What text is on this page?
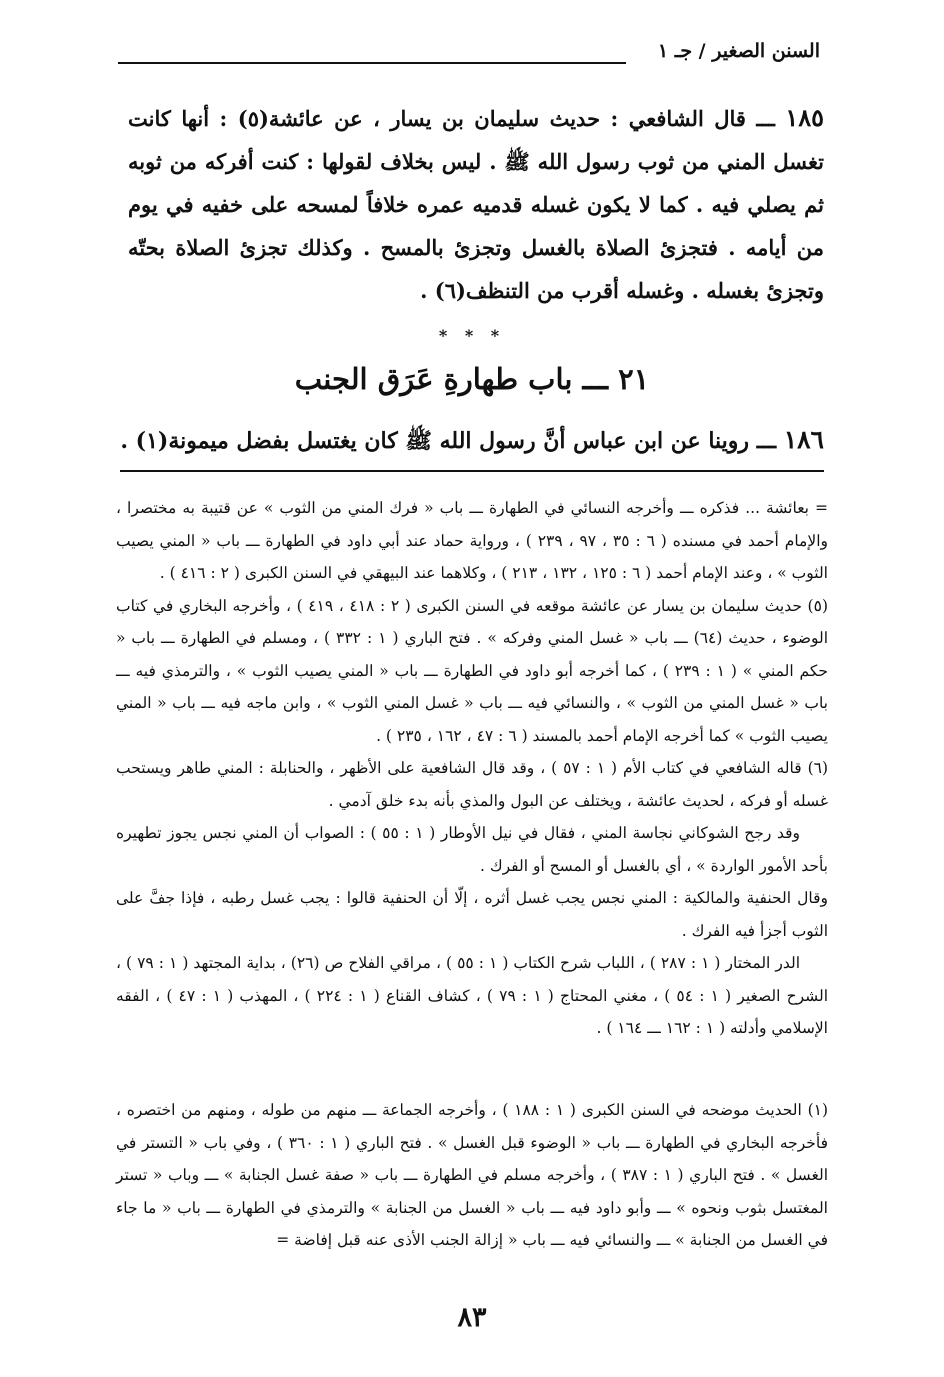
السنن الصغير / جـ ١
١٨٥ ـــ قال الشافعي : حديث سليمان بن يسار ، عن عائشة(٥) : أنها كانت تغسل المني من ثوب رسول الله ﷺ . ليس بخلاف لقولها : كنت أفركه من ثوبه ثم يصلي فيه . كما لا يكون غسله قدميه عمره خلافاً لمسحه على خفيه في يوم من أيامه . فتجزئ الصلاة بالغسل وتجزئ بالمسح . وكذلك تجزئ الصلاة بحتّه وتجزئ بغسله . وغسله أقرب من التنظف(٦) .
* * *
٢١ ـــ باب طهارةِ عَرَق الجنب
١٨٦ ـــ روينا عن ابن عباس أنَّ رسول الله ﷺ كان يغتسل بفضل ميمونة(١) .

= بعائشة ... فذكره ـــ وأخرجه النسائي في الطهارة ـــ باب « فرك المني من الثوب » عن قتيبة به مختصرا ، والإمام أحمد في مسنده ( ٦ : ٣٥ ، ٩٧ ، ٢٣٩ ) ، ورواية حماد عند أبي داود في الطهارة ـــ باب « المني يصيب الثوب » ، وعند الإمام أحمد ( ٦ : ١٢٥ ، ١٣٢ ، ٢١٣ ) ، وكلاهما عند البيهقي في السنن الكبرى ( ٢ : ٤١٦ ) .

(٥) حديث سليمان بن يسار عن عائشة موقعه في السنن الكبرى ( ٢ : ٤١٨ ، ٤١٩ ) ، وأخرجه البخاري في كتاب الوضوء ، حديث (٦٤) ـــ باب « غسل المني وفركه » . فتح الباري ( ١ : ٣٣٢ ) ، ومسلم في الطهارة ـــ باب « حكم المني » ( ١ : ٢٣٩ ) ، كما أخرجه أبو داود في الطهارة ـــ باب « المني يصيب الثوب » ، والترمذي فيه ـــ باب « غسل المني من الثوب » ، والنسائي فيه ـــ باب « غسل المني الثوب » ، وابن ماجه فيه ـــ باب « المني يصيب الثوب » كما أخرجه الإمام أحمد بالمسند ( ٦ : ٤٧ ، ١٦٢ ، ٢٣٥ ) .

(٦) قاله الشافعي في كتاب الأم ( ١ : ٥٧ ) ، وقد قال الشافعية على الأظهر ، والحنابلة : المني طاهر ويستحب غسله أو فركه ، لحديث عائشة ، ويختلف عن البول والمذي بأنه بدء خلق آدمي .

وقد رجح الشوكاني نجاسة المني ، فقال في نيل الأوطار ( ١ : ٥٥ ) : الصواب أن المني نجس يجوز تطهيره بأحد الأمور الواردة » ، أي بالغسل أو المسح أو الفرك .

وقال الحنفية والمالكية : المني نجس يجب غسل أثره ، إلّا أن الحنفية قالوا : يجب غسل رطبه ، فإذا جفَّ على الثوب أجزأ فيه الفرك .

الدر المختار ( ١ : ٢٨٧ ) ، اللباب شرح الكتاب ( ١ : ٥٥ ) ، مراقي الفلاح ص (٢٦) ، بداية المجتهد ( ١ : ٧٩ ) ، الشرح الصغير ( ١ : ٥٤ ) ، مغني المحتاج ( ١ : ٧٩ ) ، كشاف القناع ( ١ : ٢٢٤ ) ، المهذب ( ١ : ٤٧ ) ، الفقه الإسلامي وأدلته ( ١ : ١٦٢ ـــ ١٦٤ ) .

(١) الحديث موضحه في السنن الكبرى ( ١ : ١٨٨ ) ، وأخرجه الجماعة ـــ منهم من طوله ، ومنهم من اختصره ، فأخرجه البخاري في الطهارة ـــ باب « الوضوء قبل الغسل » . فتح الباري ( ١ : ٣٦٠ ) ، وفي باب « التستر في الغسل » . فتح الباري ( ١ : ٣٨٧ ) ، وأخرجه مسلم في الطهارة ـــ باب « صفة غسل الجنابة » ـــ وباب « تستر المغتسل بثوب ونحوه » ـــ وأبو داود فيه ـــ باب « الغسل من الجنابة » والترمذي في الطهارة ـــ باب « ما جاء في الغسل من الجنابة » ـــ والنسائي فيه ـــ باب « إزالة الجنب الأذى عنه قبل إفاضة =

٨٣
